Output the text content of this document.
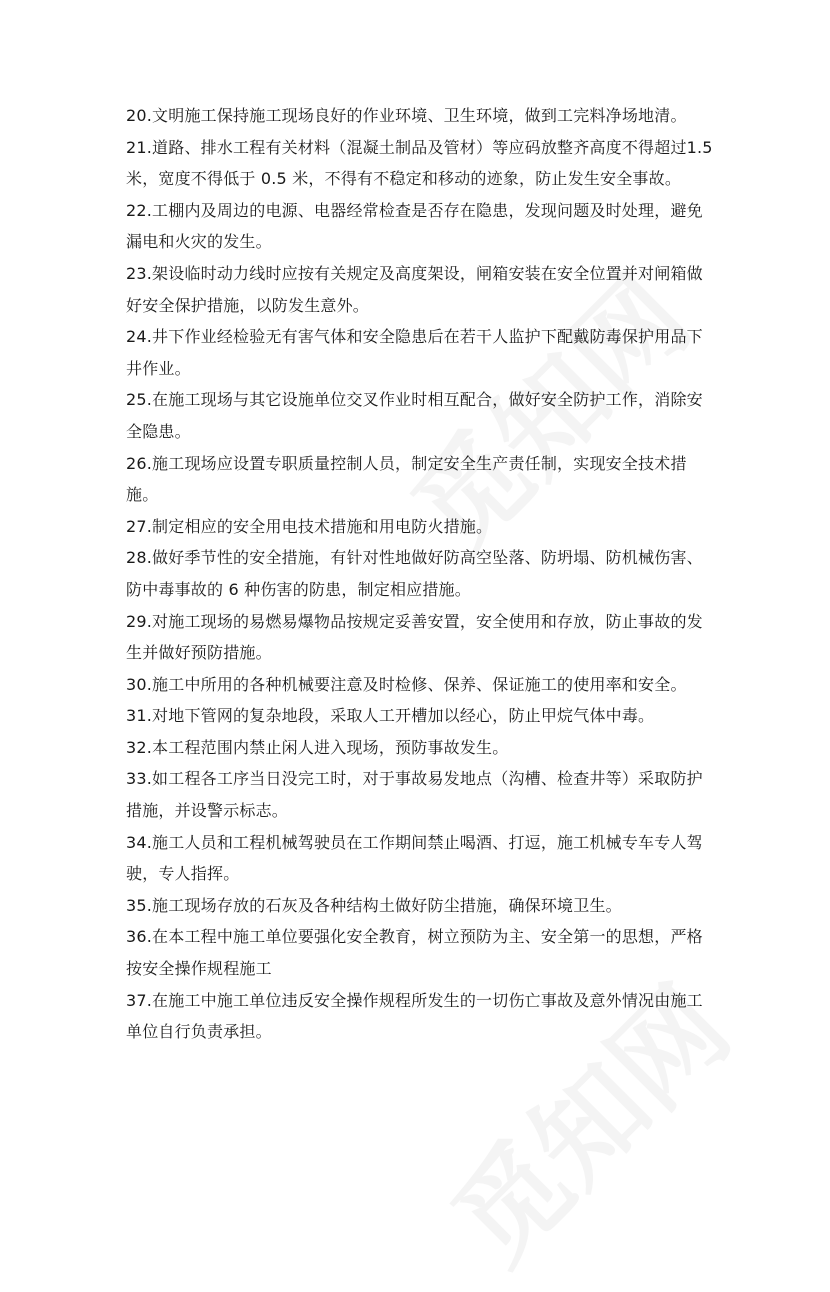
20.文明施工保持施工现场良好的作业环境、卫生环境，做到工完料净场地清。

21.道路、排水工程有关材料（混凝土制品及管材）等应码放整齐高度不得超过1.5 米，宽度不得低于 0.5 米，不得有不稳定和移动的迹象，防止发生安全事故。

22.工棚内及周边的电源、电器经常检查是否存在隐患，发现问题及时处理，避免漏电和火灾的发生。

23.架设临时动力线时应按有关规定及高度架设，闸箱安装在安全位置并对闸箱做好安全保护措施，以防发生意外。

24.井下作业经检验无有害气体和安全隐患后在若干人监护下配戴防毒保护用品下井作业。

25.在施工现场与其它设施单位交叉作业时相互配合，做好安全防护工作，消除安全隐患。

26.施工现场应设置专职质量控制人员，制定安全生产责任制，实现安全技术措施。

27.制定相应的安全用电技术措施和用电防火措施。

28.做好季节性的安全措施，有针对性地做好防高空坠落、防坍塌、防机械伤害、防中毒事故的 6 种伤害的防患，制定相应措施。

29.对施工现场的易燃易爆物品按规定妥善安置，安全使用和存放，防止事故的发生并做好预防措施。

30.施工中所用的各种机械要注意及时检修、保养、保证施工的使用率和安全。

31.对地下管网的复杂地段，采取人工开槽加以经心，防止甲烷气体中毒。

32.本工程范围内禁止闲人进入现场，预防事故发生。

33.如工程各工序当日没完工时，对于事故易发地点（沟槽、检查井等）采取防护措施，并设警示标志。

34.施工人员和工程机械驾驶员在工作期间禁止喝酒、打逗，施工机械专车专人驾驶，专人指挥。

35.施工现场存放的石灰及各种结构土做好防尘措施，确保环境卫生。

36.在本工程中施工单位要强化安全教育，树立预防为主、安全第一的思想，严格按安全操作规程施工

37.在施工中施工单位违反安全操作规程所发生的一切伤亡事故及意外情况由施工单位自行负责承担。
